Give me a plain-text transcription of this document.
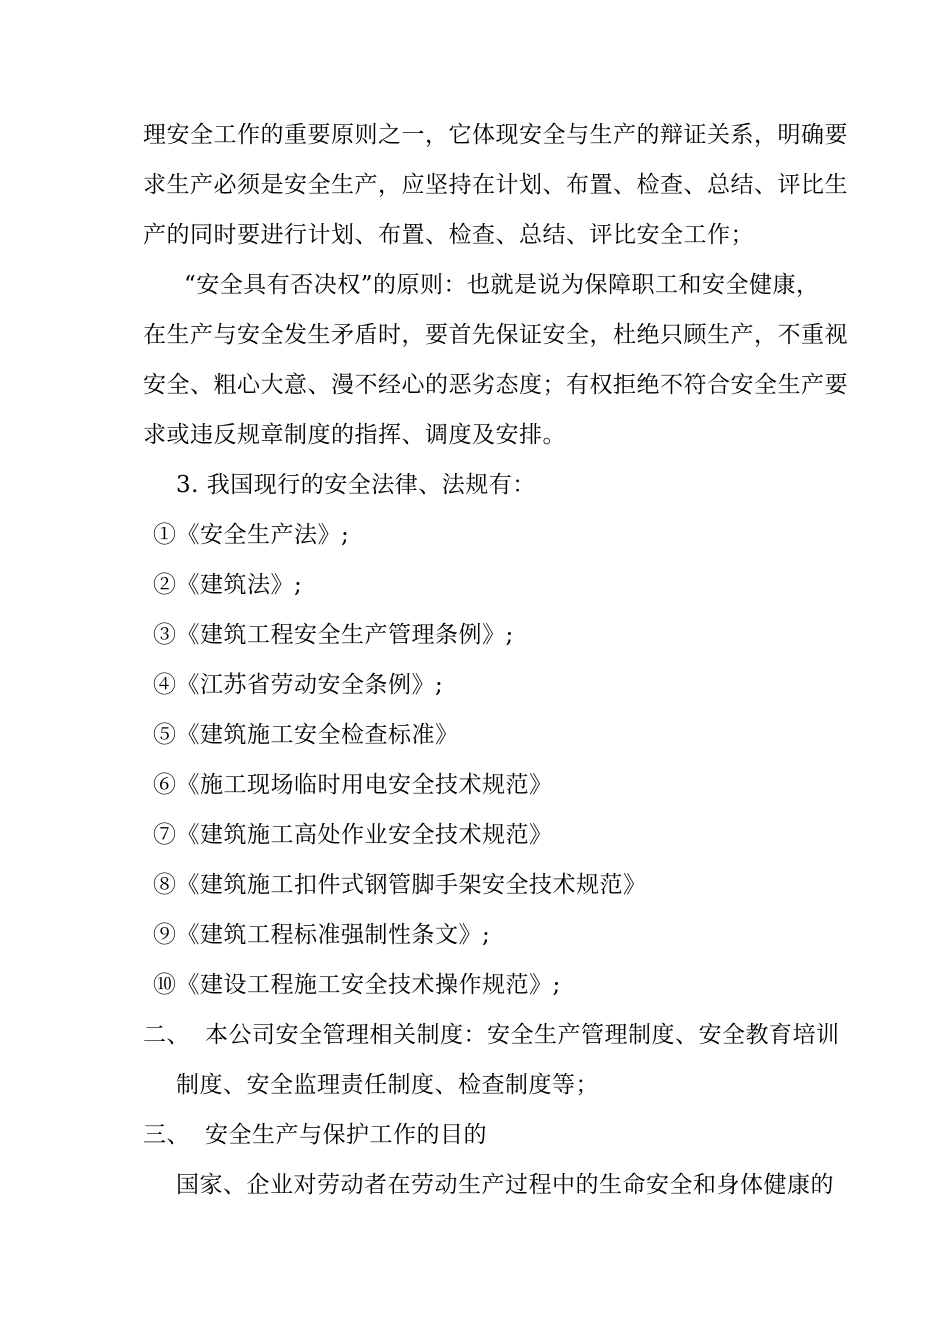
理安全工作的重要原则之一，它体现安全与生产的辩证关系，明确要
求生产必须是安全生产，应坚持在计划、布置、检查、总结、评比生
产的同时要进行计划、布置、检查、总结、评比安全工作；
“安全具有否决权”的原则：也就是说为保障职工和安全健康，
在生产与安全发生矛盾时，要首先保证安全，杜绝只顾生产，不重视
安全、粗心大意、漫不经心的恶劣态度；有权拒绝不符合安全生产要
求或违反规章制度的指挥、调度及安排。
3. 我国现行的安全法律、法规有：
①《安全生产法》;
②《建筑法》;
③《建筑工程安全生产管理条例》;
④《江苏省劳动安全条例》;
⑤《建筑施工安全检查标准》
⑥《施工现场临时用电安全技术规范》
⑦《建筑施工高处作业安全技术规范》
⑧《建筑施工扣件式钢管脚手架安全技术规范》
⑨《建筑工程标准强制性条文》;
⑩《建设工程施工安全技术操作规范》;
二、 本公司安全管理相关制度：安全生产管理制度、安全教育培训
制度、安全监理责任制度、检查制度等；
三、 安全生产与保护工作的目的
国家、企业对劳动者在劳动生产过程中的生命安全和身体健康的
